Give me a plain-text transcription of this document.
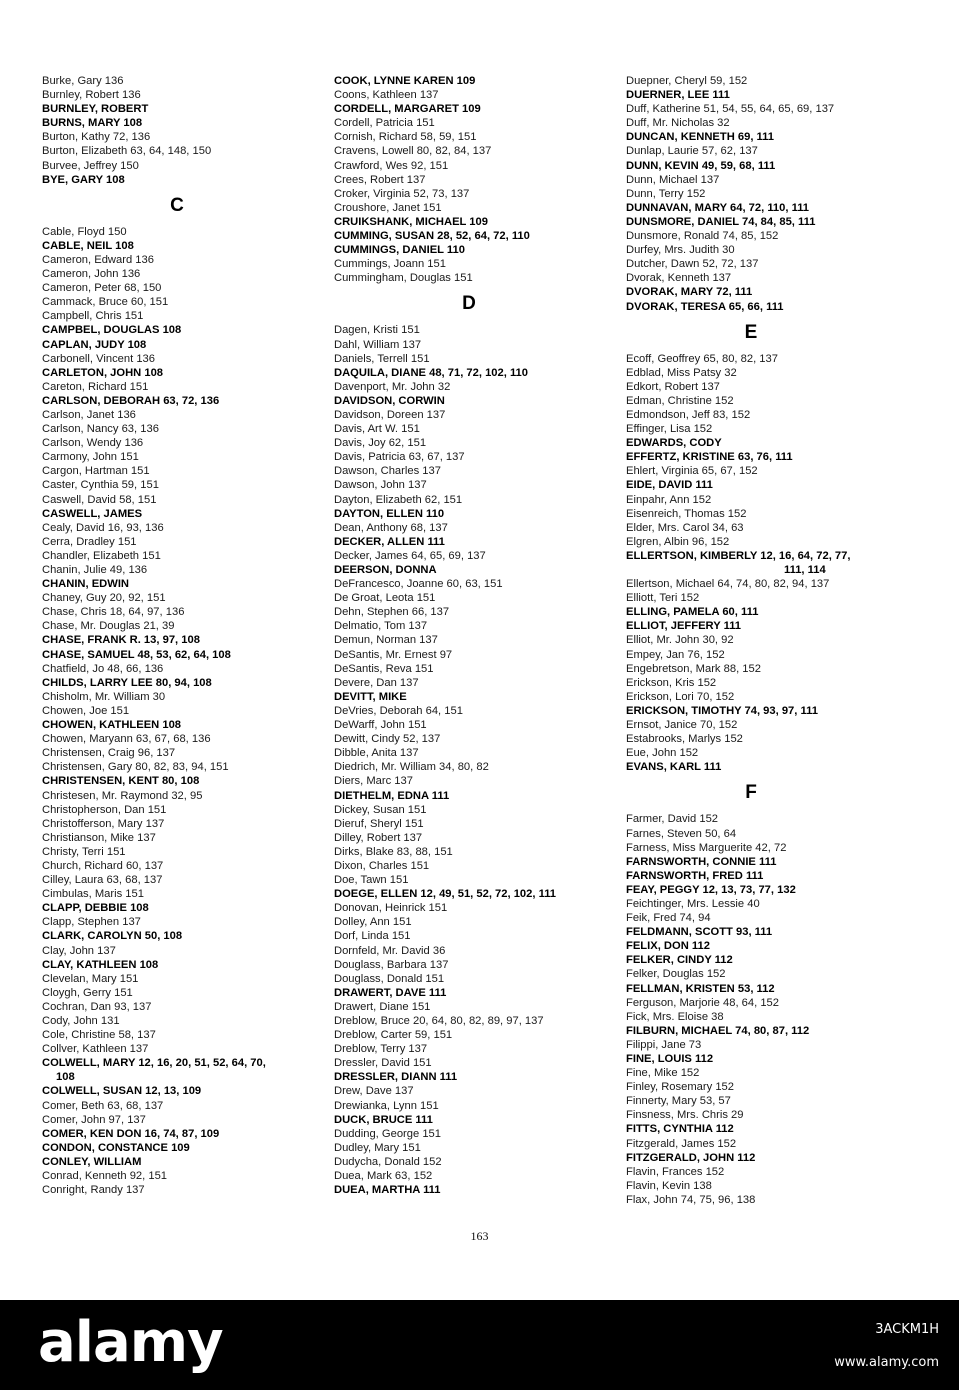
Burke, Gary 136
Burnley, Robert 136
BURNLEY, ROBERT
BURNS, MARY 108
Burton, Kathy 72, 136
Burton, Elizabeth 63, 64, 148, 150
Burvee, Jeffrey 150
BYE, GARY 108
C
Cable, Floyd 150
CABLE, NEIL 108
Cameron, Edward 136
Cameron, John 136
Cameron, Peter 68, 150
Cammack, Bruce 60, 151
Campbell, Chris 151
CAMPBEL, DOUGLAS 108
CAPLAN, JUDY 108
Carbonell, Vincent 136
CARLETON, JOHN 108
Careton, Richard 151
CARLSON, DEBORAH 63, 72, 136
Carlson, Janet 136
Carlson, Nancy 63, 136
Carlson, Wendy 136
Carmony, John 151
Cargon, Hartman 151
Caster, Cynthia 59, 151
Caswell, David 58, 151
CASWELL, JAMES
Cealy, David 16, 93, 136
Cerra, Dradley 151
Chandler, Elizabeth 151
Chanin, Julie 49, 136
CHANIN, EDWIN
Chaney, Guy 20, 92, 151
Chase, Chris 18, 64, 97, 136
Chase, Mr. Douglas 21, 39
CHASE, FRANK R. 13, 97, 108
CHASE, SAMUEL 48, 53, 62, 64, 108
Chatfield, Jo 48, 66, 136
CHILDS, LARRY LEE 80, 94, 108
Chisholm, Mr. William 30
Chowen, Joe 151
CHOWEN, KATHLEEN 108
Chowen, Maryann 63, 67, 68, 136
Christensen, Craig 96, 137
Christensen, Gary 80, 82, 83, 94, 151
CHRISTENSEN, KENT 80, 108
Christesen, Mr. Raymond 32, 95
Christopherson, Dan 151
Christofferson, Mary 137
Christianson, Mike 137
Christy, Terri 151
Church, Richard 60, 137
Cilley, Laura 63, 68, 137
Cimbulas, Maris 151
CLAPP, DEBBIE 108
Clapp, Stephen 137
CLARK, CAROLYN 50, 108
Clay, John 137
CLAY, KATHLEEN 108
Clevelan, Mary 151
Cloygh, Gerry 151
Cochran, Dan 93, 137
Cody, John 131
Cole, Christine 58, 137
Collver, Kathleen 137
COLWELL, MARY 12, 16, 20, 51, 52, 64, 70,
108
COLWELL, SUSAN 12, 13, 109
Comer, Beth 63, 68, 137
Comer, John 97, 137
COMER, KEN DON 16, 74, 87, 109
CONDON, CONSTANCE 109
CONLEY, WILLIAM
Conrad, Kenneth 92, 151
Conright, Randy 137
COOK, LYNNE KAREN 109
Coons, Kathleen 137
CORDELL, MARGARET 109
Cordell, Patricia 151
Cornish, Richard 58, 59, 151
Cravens, Lowell 80, 82, 84, 137
Crawford, Wes 92, 151
Crees, Robert 137
Croker, Virginia 52, 73, 137
Croushore, Janet 151
CRUIKSHANK, MICHAEL 109
CUMMING, SUSAN 28, 52, 64, 72, 110
CUMMINGS, DANIEL 110
Cummings, Joann 151
Cummingham, Douglas 151
D
Dagen, Kristi 151
Dahl, William 137
Daniels, Terrell 151
DAQUILA, DIANE 48, 71, 72, 102, 110
Davenport, Mr. John 32
DAVIDSON, CORWIN
Davidson, Doreen 137
Davis, Art W. 151
Davis, Joy 62, 151
Davis, Patricia 63, 67, 137
Dawson, Charles 137
Dawson, John 137
Dayton, Elizabeth 62, 151
DAYTON, ELLEN 110
Dean, Anthony 68, 137
DECKER, ALLEN 111
Decker, James 64, 65, 69, 137
DEERSON, DONNA
DeFrancesco, Joanne 60, 63, 151
De Groat, Leota 151
Dehn, Stephen 66, 137
Delmatio, Tom 137
Demun, Norman 137
DeSantis, Mr. Ernest 97
DeSantis, Reva 151
Devere, Dan 137
DEVITT, MIKE
DeVries, Deborah 64, 151
DeWarff, John 151
Dewitt, Cindy 52, 137
Dibble, Anita 137
Diedrich, Mr. William 34, 80, 82
Diers, Marc 137
DIETHELM, EDNA 111
Dickey, Susan 151
Dieruf, Sheryl 151
Dilley, Robert 137
Dirks, Blake 83, 88, 151
Dixon, Charles 151
Doe, Tawn 151
DOEGE, ELLEN 12, 49, 51, 52, 72, 102, 111
Donovan, Heinrick 151
Dolley, Ann 151
Dorf, Linda 151
Dornfeld, Mr. David 36
Douglass, Barbara 137
Douglass, Donald 151
DRAWERT, DAVE 111
Drawert, Diane 151
Dreblow, Bruce 20, 64, 80, 82, 89, 97, 137
Dreblow, Carter 59, 151
Dreblow, Terry 137
Dressler, David 151
DRESSLER, DIANN 111
Drew, Dave 137
Drewianka, Lynn 151
DUCK, BRUCE 111
Dudding, George 151
Dudley, Mary 151
Dudycha, Donald 152
Duea, Mark 63, 152
DUEA, MARTHA 111
Duepner, Cheryl 59, 152
DUERNER, LEE 111
Duff, Katherine 51, 54, 55, 64, 65, 69, 137
Duff, Mr. Nicholas 32
DUNCAN, KENNETH 69, 111
Dunlap, Laurie 57, 62, 137
DUNN, KEVIN 49, 59, 68, 111
Dunn, Michael 137
Dunn, Terry 152
DUNNAVAN, MARY 64, 72, 110, 111
DUNSMORE, DANIEL 74, 84, 85, 111
Dunsmore, Ronald 74, 85, 152
Durfey, Mrs. Judith 30
Dutcher, Dawn 52, 72, 137
Dvorak, Kenneth 137
DVORAK, MARY 72, 111
DVORAK, TERESA 65, 66, 111
E
Ecoff, Geoffrey 65, 80, 82, 137
Edblad, Miss Patsy 32
Edkort, Robert 137
Edman, Christine 152
Edmondson, Jeff 83, 152
Effinger, Lisa 152
EDWARDS, CODY
EFFERTZ, KRISTINE 63, 76, 111
Ehlert, Virginia 65, 67, 152
EIDE, DAVID 111
Einpahr, Ann 152
Eisenreich, Thomas 152
Elder, Mrs. Carol 34, 63
Elgren, Albin 96, 152
ELLERTSON, KIMBERLY 12, 16, 64, 72, 77,
111, 114
Ellertson, Michael 64, 74, 80, 82, 94, 137
Elliott, Teri 152
ELLING, PAMELA 60, 111
ELLIOT, JEFFERY 111
Elliot, Mr. John 30, 92
Empey, Jan 76, 152
Engebretson, Mark 88, 152
Erickson, Kris 152
Erickson, Lori 70, 152
ERICKSON, TIMOTHY 74, 93, 97, 111
Ernsot, Janice 70, 152
Estabrooks, Marlys 152
Eue, John 152
EVANS, KARL 111
F
Farmer, David 152
Farnes, Steven 50, 64
Farness, Miss Marguerite 42, 72
FARNSWORTH, CONNIE 111
FARNSWORTH, FRED 111
FEAY, PEGGY 12, 13, 73, 77, 132
Feichtinger, Mrs. Lessie 40
Feik, Fred 74, 94
FELDMANN, SCOTT 93, 111
FELIX, DON 112
FELKER, CINDY 112
Felker, Douglas 152
FELLMAN, KRISTEN 53, 112
Ferguson, Marjorie 48, 64, 152
Fick, Mrs. Eloise 38
FILBURN, MICHAEL 74, 80, 87, 112
Filippi, Jane 73
FINE, LOUIS 112
Fine, Mike 152
Finley, Rosemary 152
Finnerty, Mary 53, 57
Finsness, Mrs. Chris 29
FITTS, CYNTHIA 112
Fitzgerald, James 152
FITZGERALD, JOHN 112
Flavin, Frances 152
Flavin, Kevin 138
Flax, John 74, 75, 96, 138
163
alamy	3ACKM1H
www.alamy.com
